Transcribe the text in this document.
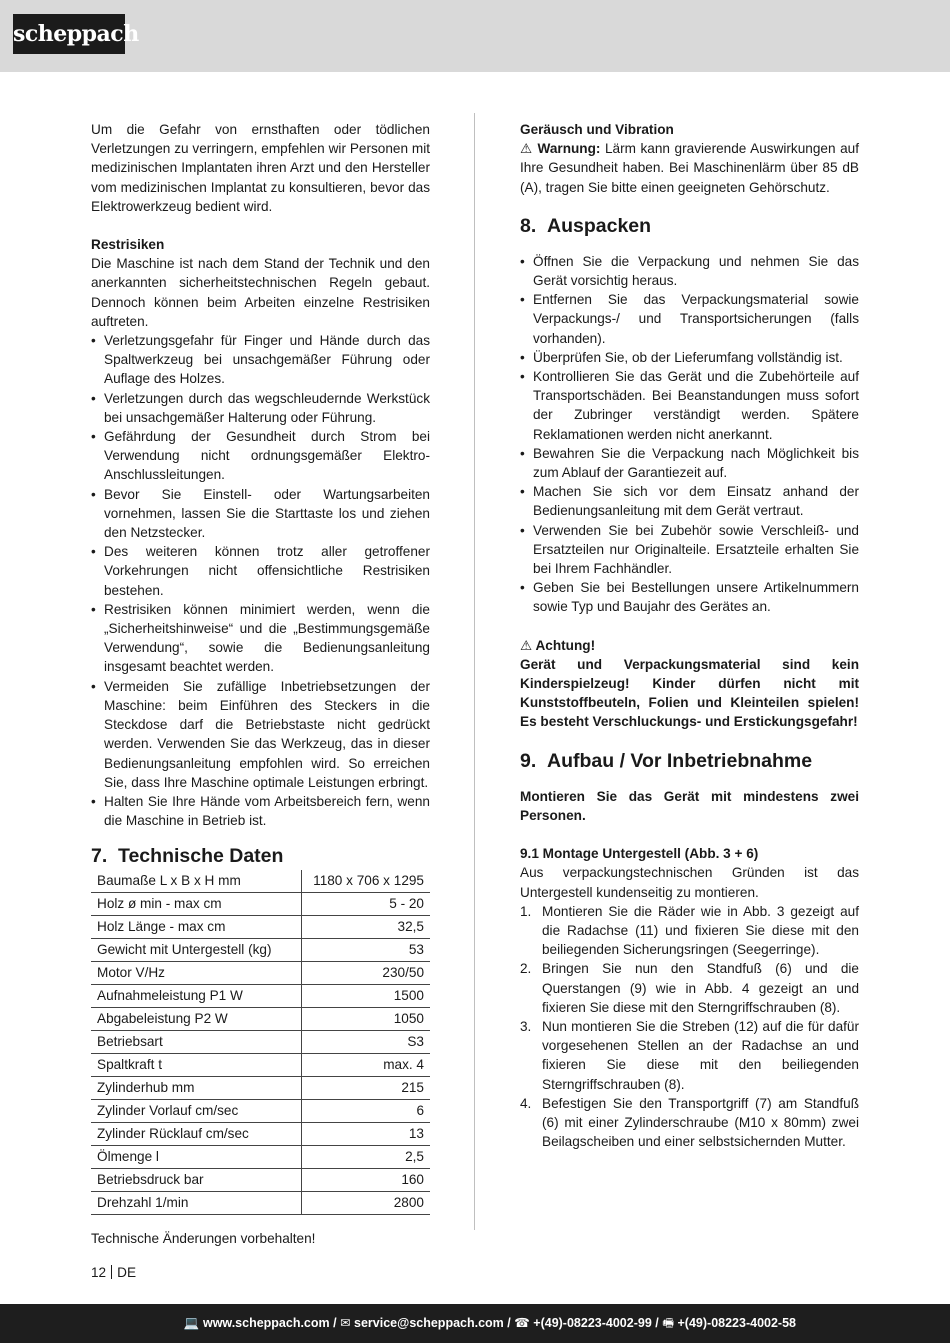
scheppach

Um die Gefahr von ernsthaften oder tödlichen Verletzungen zu verringern, empfehlen wir Personen mit medizinischen Implantaten ihren Arzt und den Hersteller vom medizinischen Implantat zu konsultieren, bevor das Elektrowerkzeug bedient wird.

Restrisiken

Die Maschine ist nach dem Stand der Technik und den anerkannten sicherheitstechnischen Regeln gebaut. Dennoch können beim Arbeiten einzelne Restrisiken auftreten.

• Verletzungsgefahr für Finger und Hände durch das Spaltwerkzeug bei unsachgemäßer Führung oder Auflage des Holzes.
• Verletzungen durch das wegschleudernde Werkstück bei unsachgemäßer Halterung oder Führung.
• Gefährdung der Gesundheit durch Strom bei Verwendung nicht ordnungsgemäßer Elektro-Anschlussleitungen.
• Bevor Sie Einstell- oder Wartungsarbeiten vornehmen, lassen Sie die Starttaste los und ziehen den Netzstecker.
• Des weiteren können trotz aller getroffener Vorkehrungen nicht offensichtliche Restrisiken bestehen.
• Restrisiken können minimiert werden, wenn die „Sicherheitshinweise“ und die „Bestimmungsgemäße Verwendung“, sowie die Bedienungsanleitung insgesamt beachtet werden.
• Vermeiden Sie zufällige Inbetriebsetzungen der Maschine: beim Einführen des Steckers in die Steckdose darf die Betriebstaste nicht gedrückt werden. Verwenden Sie das Werkzeug, das in dieser Bedienungsanleitung empfohlen wird. So erreichen Sie, dass Ihre Maschine optimale Leistungen erbringt.
• Halten Sie Ihre Hände vom Arbeitsbereich fern, wenn die Maschine in Betrieb ist.
7. Technische Daten
Baumaße L x B x H mm	1180 x 706 x 1295
Holz ø min - max cm	5 - 20
Holz Länge - max cm	32,5
Gewicht mit Untergestell (kg)	53
Motor V/Hz	230/50
Aufnahmeleistung P1 W	1500
Abgabeleistung P2 W	1050
Betriebsart	S3
Spaltkraft t	max. 4
Zylinderhub mm	215
Zylinder Vorlauf cm/sec	6
Zylinder Rücklauf cm/sec	13
Ölmenge l	2,5
Betriebsdruck bar	160
Drehzahl 1/min	2800

Technische Änderungen vorbehalten!

Geräusch und Vibration

⚠ Warnung: Lärm kann gravierende Auswirkungen auf Ihre Gesundheit haben. Bei Maschinenlärm über 85 dB (A), tragen Sie bitte einen geeigneten Gehörschutz.

8. Auspacken
• Öffnen Sie die Verpackung und nehmen Sie das Gerät vorsichtig heraus.
• Entfernen Sie das Verpackungsmaterial sowie Verpackungs-/ und Transportsicherungen (falls vorhanden).
• Überprüfen Sie, ob der Lieferumfang vollständig ist.
• Kontrollieren Sie das Gerät und die Zubehörteile auf Transportschäden. Bei Beanstandungen muss sofort der Zubringer verständigt werden. Spätere Reklamationen werden nicht anerkannt.
• Bewahren Sie die Verpackung nach Möglichkeit bis zum Ablauf der Garantiezeit auf.
• Machen Sie sich vor dem Einsatz anhand der Bedienungsanleitung mit dem Gerät vertraut.
• Verwenden Sie bei Zubehör sowie Verschleiß- und Ersatzteilen nur Originalteile. Ersatzteile erhalten Sie bei Ihrem Fachhändler.
• Geben Sie bei Bestellungen unsere Artikelnummern sowie Typ und Baujahr des Gerätes an.

⚠ Achtung!

Gerät und Verpackungsmaterial sind kein Kinderspielzeug! Kinder dürfen nicht mit Kunststoffbeuteln, Folien und Kleinteilen spielen! Es besteht Verschluckungs- und Erstickungsgefahr!

9. Aufbau / Vor Inbetriebnahme

Montieren Sie das Gerät mit mindestens zwei Personen.

9.1 Montage Untergestell (Abb. 3 + 6)

Aus verpackungstechnischen Gründen ist das Untergestell kundenseitig zu montieren.

1. Montieren Sie die Räder wie in Abb. 3 gezeigt auf die Radachse (11) und fixieren Sie diese mit den beiliegenden Sicherungsringen (Seegerringe).
2. Bringen Sie nun den Standfuß (6) und die Querstangen (9) wie in Abb. 4 gezeigt an und fixieren Sie diese mit den Sterngriffschrauben (8).
3. Nun montieren Sie die Streben (12) auf die für dafür vorgesehenen Stellen an der Radachse an und fixieren Sie diese mit den beiliegenden Sterngriffschrauben (8).
4. Befestigen Sie den Transportgriff (7) am Standfuß (6) mit einer Zylinderschraube (M10 x 80mm) zwei Beilagscheiben und einer selbstsichernden Mutter.
12 DE
💻 www.scheppach.com / ✉ service@scheppach.com / ☎ +(49)-08223-4002-99 / 🖷 +(49)-08223-4002-58
